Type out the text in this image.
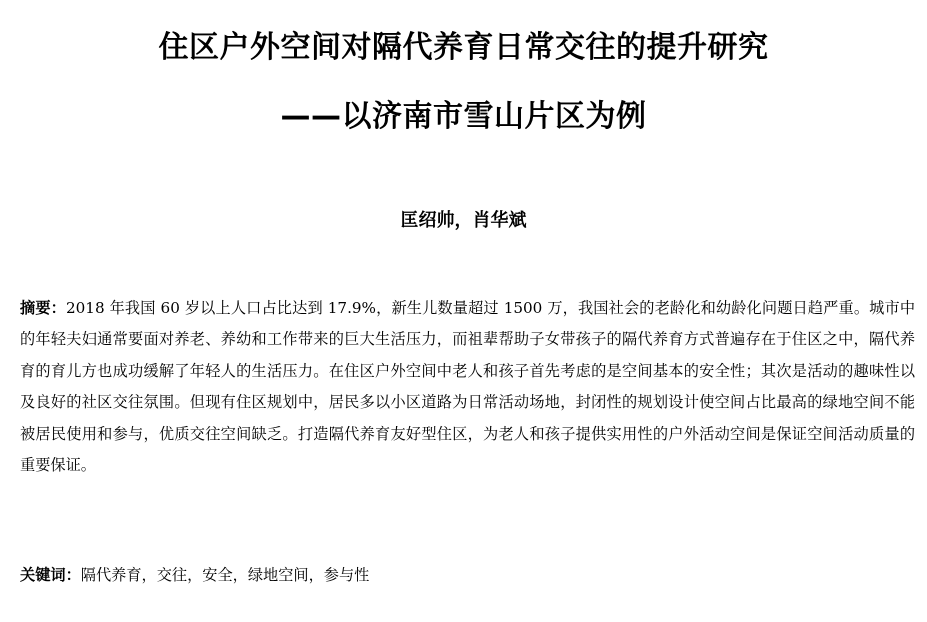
住区户外空间对隔代养育日常交往的提升研究
——以济南市雪山片区为例
匡绍帅，肖华斌

摘要：2018 年我国 60 岁以上人口占比达到 17.9%，新生儿数量超过 1500 万，我国社会的老龄化和幼龄化问题日趋严重。城市中的年轻夫妇通常要面对养老、养幼和工作带来的巨大生活压力，而祖辈帮助子女带孩子的隔代养育方式普遍存在于住区之中，隔代养育的育儿方也成功缓解了年轻人的生活压力。在住区户外空间中老人和孩子首先考虑的是空间基本的安全性；其次是活动的趣味性以及良好的社区交往氛围。但现有住区规划中，居民多以小区道路为日常活动场地，封闭性的规划设计使空间占比最高的绿地空间不能被居民使用和参与，优质交往空间缺乏。打造隔代养育友好型住区，为老人和孩子提供实用性的户外活动空间是保证空间活动质量的重要保证。

关键词：隔代养育，交往，安全，绿地空间，参与性
